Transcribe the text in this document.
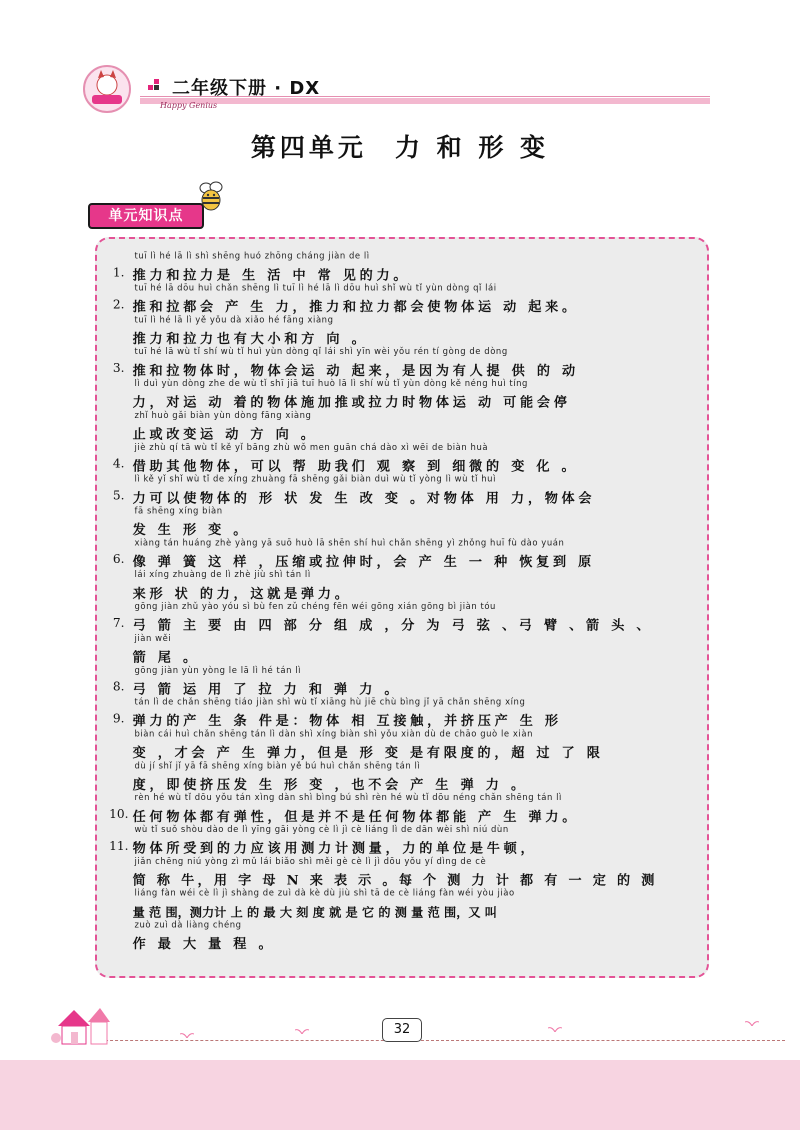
二年级下册 · DX
Happy Genius
第四单元 力 和 形 变
单元知识点
1.
tuī lì hé lā lì shì shēng huó zhōng cháng jiàn de lì
推力和拉力是 生 活 中 常 见的力。
2.
tuī hé lā dōu huì chǎn shēng lì tuī lì hé lā lì dōu huì shǐ wù tǐ yùn dòng qǐ lái
推和拉都会 产 生 力，推力和拉力都会使物体运 动 起来。
tuī lì hé lā lì yě yǒu dà xiǎo hé fāng xiàng
推力和拉力也有大小和方 向 。
3.
tuī hé lā wù tǐ shí wù tǐ huì yùn dòng qǐ lái shì yīn wèi yǒu rén tí gòng de dòng
推和拉物体时，物体会运 动 起来，是因为有人提 供 的 动
lì duì yùn dòng zhe de wù tǐ shī jiā tuī huò lā lì shí wù tǐ yùn dòng kě néng huì tíng
力，对运 动 着的物体施加推或拉力时物体运 动 可能会停
zhǐ huò gǎi biàn yùn dòng fāng xiàng
止或改变运 动 方 向 。
4.
jiè zhù qí tā wù tǐ kě yǐ bāng zhù wǒ men guān chá dào xì wēi de biàn huà
借助其他物体，可以 帮 助我们 观 察 到 细微的 变 化 。
5.
lì kě yǐ shǐ wù tǐ de xíng zhuàng fā shēng gǎi biàn duì wù tǐ yòng lì wù tǐ huì
力可以使物体的 形 状 发 生 改 变 。对物体 用 力，物体会
fā shēng xíng biàn
发 生 形 变 。
6.
xiàng tán huáng zhè yàng yā suō huò lā shēn shí huì chǎn shēng yì zhǒng huī fù dào yuán
像 弹 簧 这 样 ，压缩或拉伸时，会 产 生 一 种 恢复到 原
lái xíng zhuàng de lì zhè jiù shì tán lì
来形 状 的力，这就是弹力。
7.
gōng jiàn zhǔ yào yóu sì bù fen zǔ chéng fēn wéi gōng xián gōng bì jiàn tóu
弓 箭 主 要 由 四 部 分 组 成 ，分 为 弓 弦 、弓 臂 、箭 头 、
jiàn wěi
箭 尾 。
8.
gōng jiàn yùn yòng le lā lì hé tán lì
弓 箭 运 用 了 拉 力 和 弹 力 。
9.
tán lì de chǎn shēng tiáo jiàn shì wù tǐ xiāng hù jiē chù bìng jǐ yā chǎn shēng xíng
弹力的产 生 条 件是：物体 相 互接触，并挤压产 生 形
biàn cái huì chǎn shēng tán lì dàn shì xíng biàn shì yǒu xiàn dù de chāo guò le xiàn
变 ，才会 产 生 弹力，但是 形 变 是有限度的，超 过 了 限
dù jí shǐ jǐ yā fā shēng xíng biàn yě bú huì chǎn shēng tán lì
度，即使挤压发 生 形 变 ，也不会 产 生 弹 力 。
10.
rèn hé wù tǐ dōu yǒu tán xìng dàn shì bìng bú shì rèn hé wù tǐ dōu néng chǎn shēng tán lì
任何物体都有弹性，但是并不是任何物体都能 产 生 弹力。
11.
wù tǐ suǒ shòu dào de lì yīng gāi yòng cè lì jì cè liáng lì de dān wèi shì niú dùn
物体所受到的力应该用测力计测量，力的单位是牛顿，
jiǎn chēng niú yòng zì mǔ lái biǎo shì měi gè cè lì jì dōu yǒu yí dìng de cè
简 称 牛，用 字 母 N 来 表 示 。每 个 测 力 计 都 有 一 定 的 测
liáng fàn wéi cè lì jì shàng de zuì dà kè dù jiù shì tā de cè liáng fàn wéi yòu jiào
量 范 围，测力计 上 的 最 大 刻 度 就 是 它 的 测 量 范 围，又 叫
zuò zuì dà liàng chéng
作 最 大 量 程 。
32
